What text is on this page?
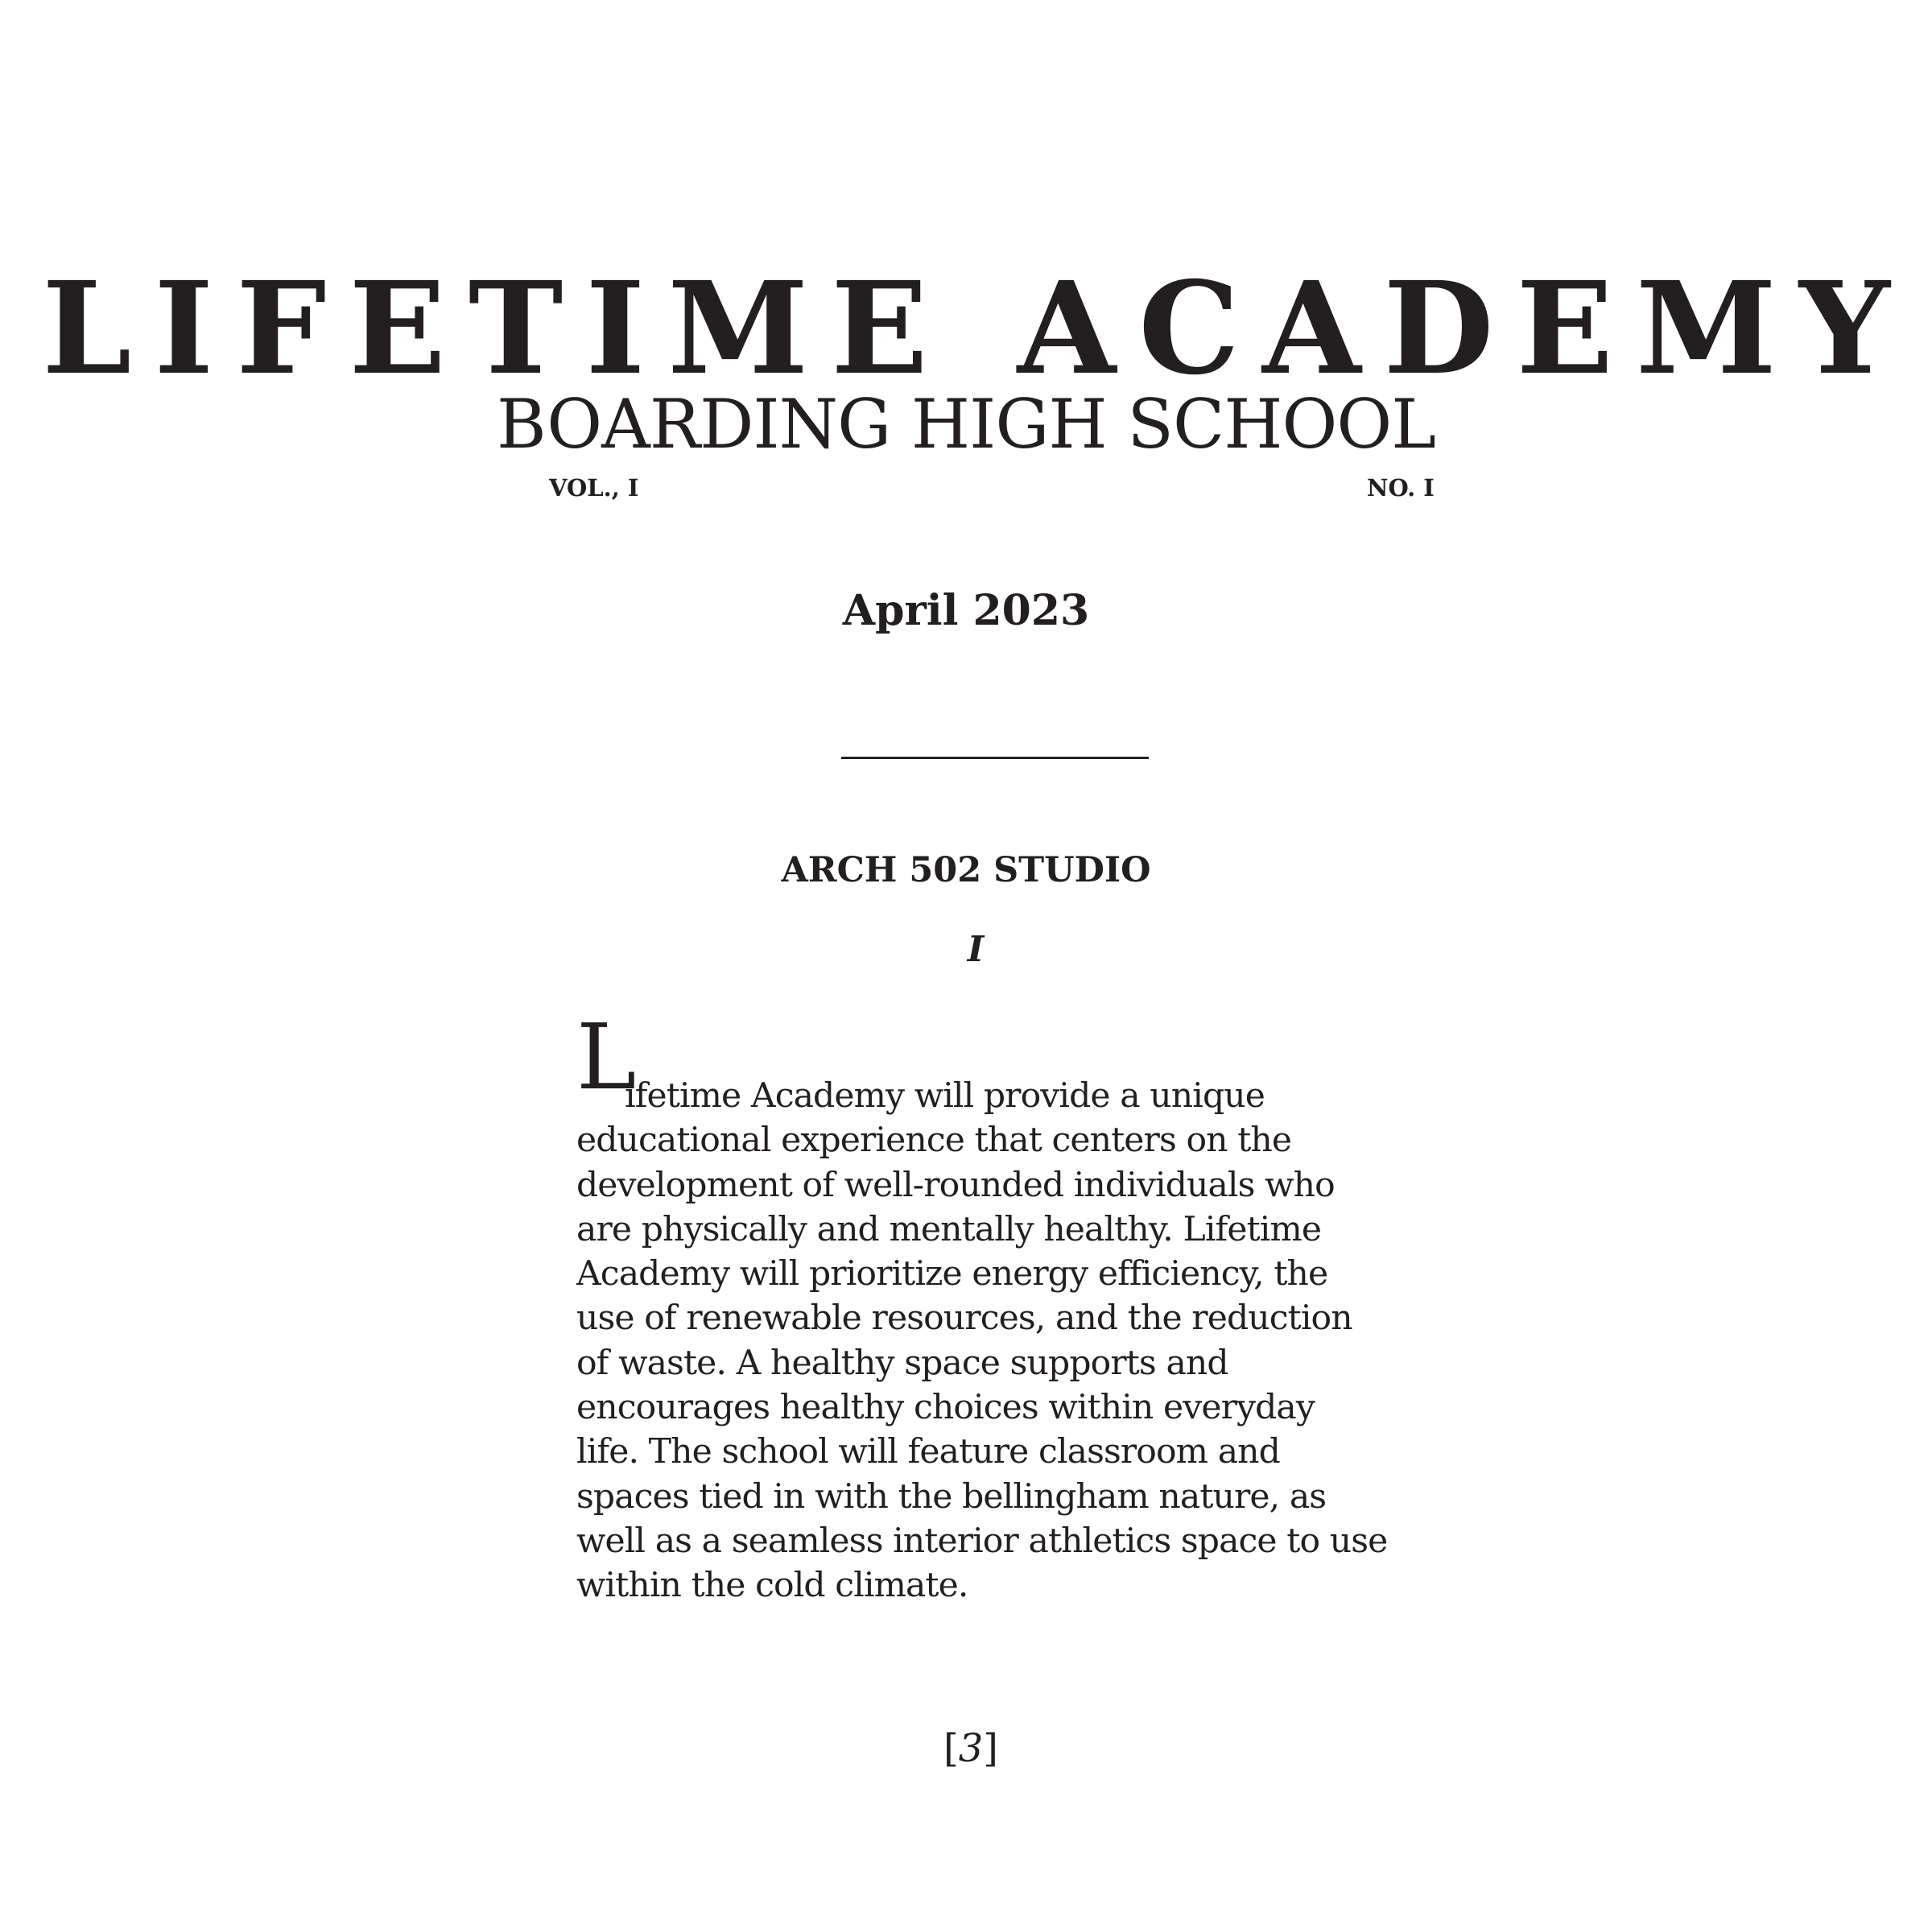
LIFETIME ACADEMY
BOARDING HIGH SCHOOL
VOL., I	NO. I
April 2023
ARCH 502 STUDIO
I
L
ifetime Academy will provide a unique
educational experience that centers on the
development of well-rounded individuals who
are physically and mentally healthy. Lifetime
Academy will prioritize energy efficiency, the
use of renewable resources, and the reduction
of waste. A healthy space supports and
encourages healthy choices within everyday
life. The school will feature classroom and
spaces tied in with the bellingham nature, as
well as a seamless interior athletics space to use
within the cold climate.
[3]
